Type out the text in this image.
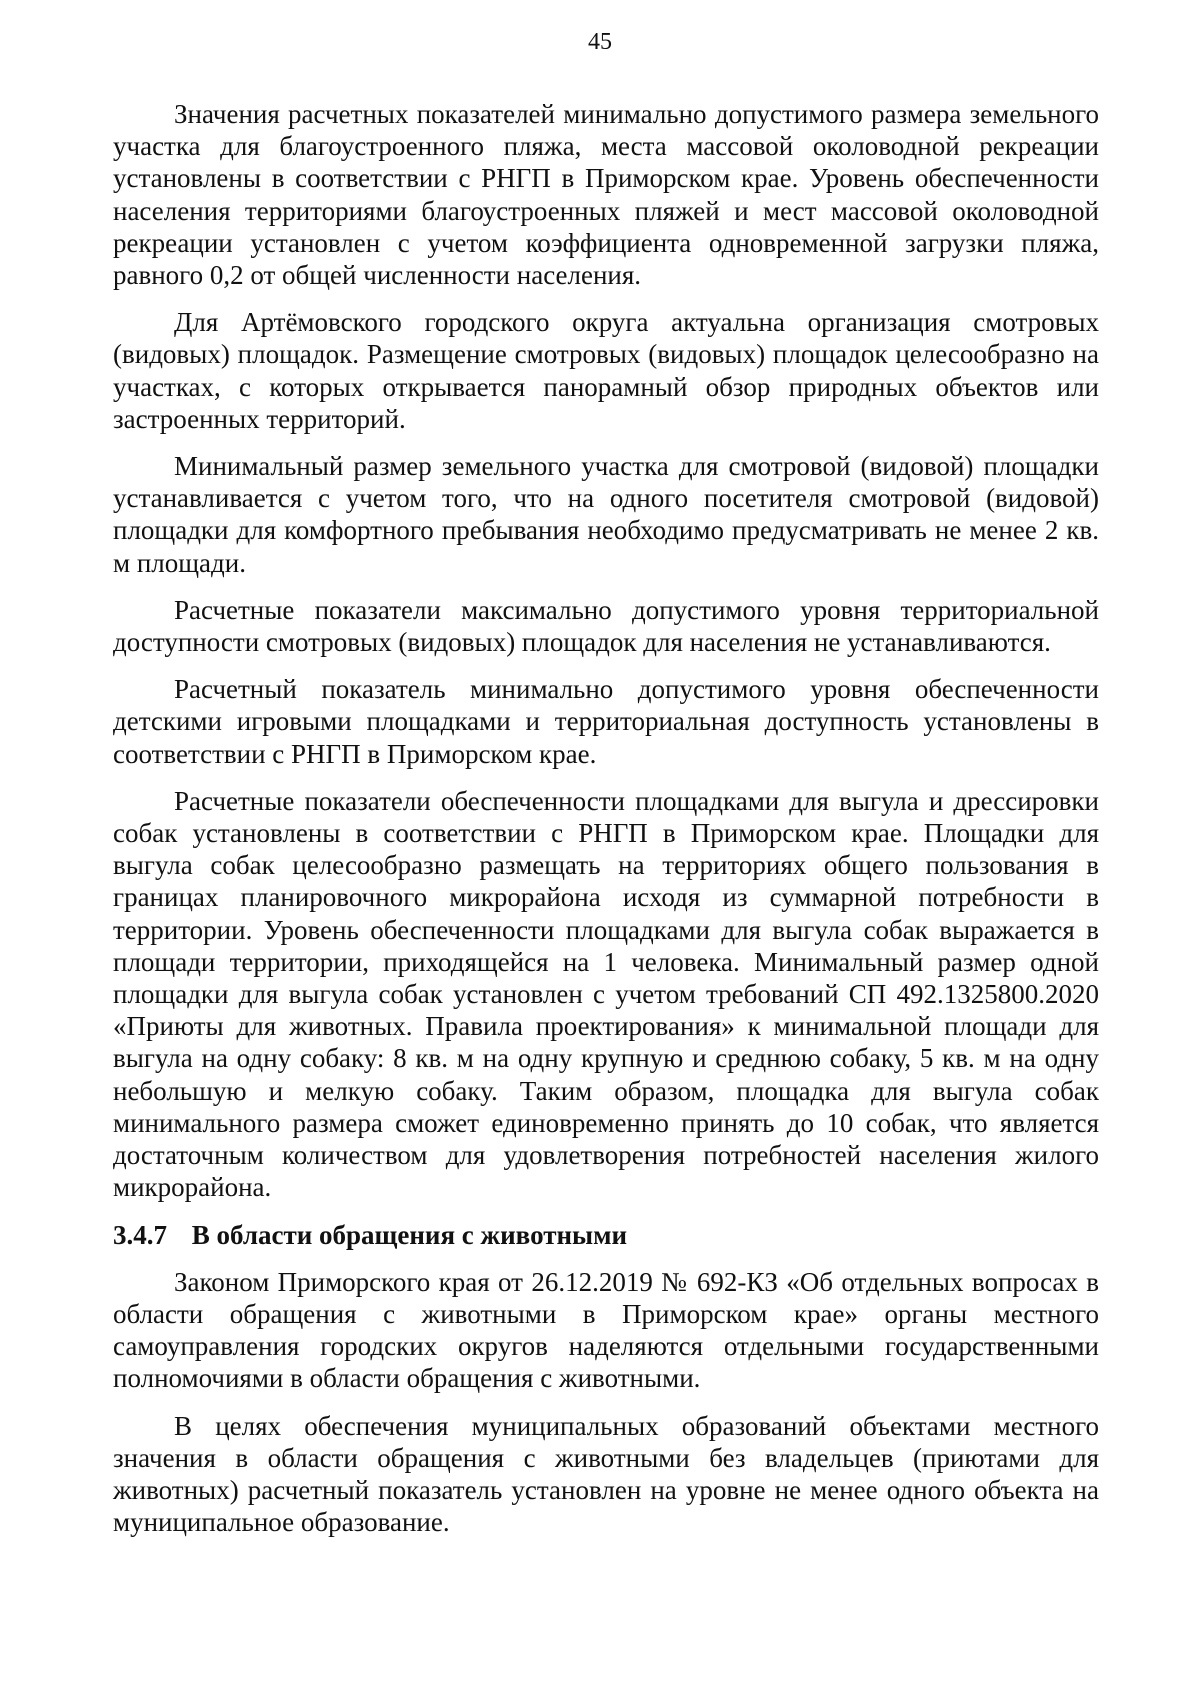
45

Значения расчетных показателей минимально допустимого размера земельного участка для благоустроенного пляжа, места массовой околоводной рекреации установлены в соответствии с РНГП в Приморском крае. Уровень обеспеченности населения территориями благоустроенных пляжей и мест массовой околоводной рекреации установлен с учетом коэффициента одновременной загрузки пляжа, равного 0,2 от общей численности населения.

Для Артёмовского городского округа актуальна организация смотровых (видовых) площадок. Размещение смотровых (видовых) площадок целесообразно на участках, с которых открывается панорамный обзор природных объектов или застроенных территорий.

Минимальный размер земельного участка для смотровой (видовой) площадки устанавливается с учетом того, что на одного посетителя смотровой (видовой) площадки для комфортного пребывания необходимо предусматривать не менее 2 кв. м площади.

Расчетные показатели максимально допустимого уровня территориальной доступности смотровых (видовых) площадок для населения не устанавливаются.

Расчетный показатель минимально допустимого уровня обеспеченности детскими игровыми площадками и территориальная доступность установлены в соответствии с РНГП в Приморском крае.

Расчетные показатели обеспеченности площадками для выгула и дрессировки собак установлены в соответствии с РНГП в Приморском крае. Площадки для выгула собак целесообразно размещать на территориях общего пользования в границах планировочного микрорайона исходя из суммарной потребности в территории. Уровень обеспеченности площадками для выгула собак выражается в площади территории, приходящейся на 1 человека. Минимальный размер одной площадки для выгула собак установлен с учетом требований СП 492.1325800.2020 «Приюты для животных. Правила проектирования» к минимальной площади для выгула на одну собаку: 8 кв. м на одну крупную и среднюю собаку, 5 кв. м на одну небольшую и мелкую собаку. Таким образом, площадка для выгула собак минимального размера сможет единовременно принять до 10 собак, что является достаточным количеством для удовлетворения потребностей населения жилого микрорайона.

3.4.7 В области обращения с животными

Законом Приморского края от 26.12.2019 № 692-КЗ «Об отдельных вопросах в области обращения с животными в Приморском крае» органы местного самоуправления городских округов наделяются отдельными государственными полномочиями в области обращения с животными.

В целях обеспечения муниципальных образований объектами местного значения в области обращения с животными без владельцев (приютами для животных) расчетный показатель установлен на уровне не менее одного объекта на муниципальное образование.
